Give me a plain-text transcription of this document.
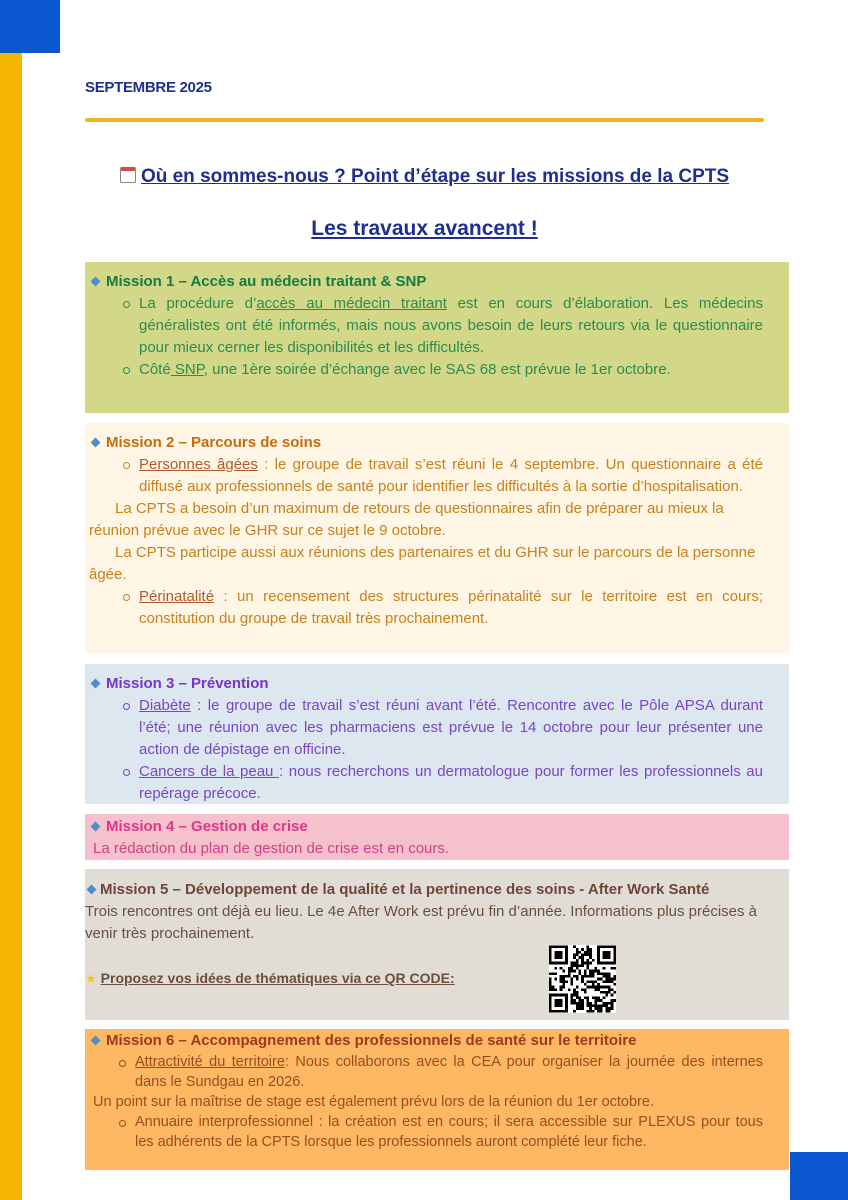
SEPTEMBRE 2025
Où en sommes-nous ? Point d’étape sur les missions de la CPTS
Les travaux avancent !
Mission 1 – Accès au médecin traitant & SNP
La procédure d’accès au médecin traitant est en cours d’élaboration. Les médecins généralistes ont été informés, mais nous avons besoin de leurs retours via le questionnaire pour mieux cerner les disponibilités et les difficultés.
Côté SNP, une 1ère soirée d’échange avec le SAS 68 est prévue le 1er octobre.
Mission 2 – Parcours de soins
Personnes âgées : le groupe de travail s’est réuni le 4 septembre. Un questionnaire a été diffusé aux professionnels de santé pour identifier les difficultés à la sortie d’hospitalisation.
La CPTS a besoin d’un maximum de retours de questionnaires afin de préparer au mieux la réunion prévue avec le GHR sur ce sujet le 9 octobre.
La CPTS participe aussi aux réunions des partenaires et du GHR sur le parcours de la personne âgée.
Périnatalité : un recensement des structures périnatalité sur le territoire est en cours; constitution du groupe de travail très prochainement.
Mission 3 – Prévention
Diabète : le groupe de travail s’est réuni avant l’été. Rencontre avec le Pôle APSA durant l’été; une réunion avec les pharmaciens est prévue le 14 octobre pour leur présenter une action de dépistage en officine.
Cancers de la peau : nous recherchons un dermatologue pour former les professionnels au repérage précoce.
Mission 4 – Gestion de crise
La rédaction du plan de gestion de crise est en cours.
Mission 5 – Développement de la qualité et la pertinence des soins - After Work Santé
Trois rencontres ont déjà eu lieu. Le 4e After Work est prévu fin d’année. Informations plus précises à venir très prochainement.
★ Proposez vos idées de thématiques via ce QR CODE:
Mission 6 – Accompagnement des professionnels de santé sur le territoire
Attractivité du territoire: Nous collaborons avec la CEA pour organiser la journée des internes dans le Sundgau en 2026.
Un point sur la maîtrise de stage est également prévu lors de la réunion du 1er octobre.
Annuaire interprofessionnel : la création est en cours; il sera accessible sur PLEXUS pour tous les adhérents de la CPTS lorsque les professionnels auront complété leur fiche.
